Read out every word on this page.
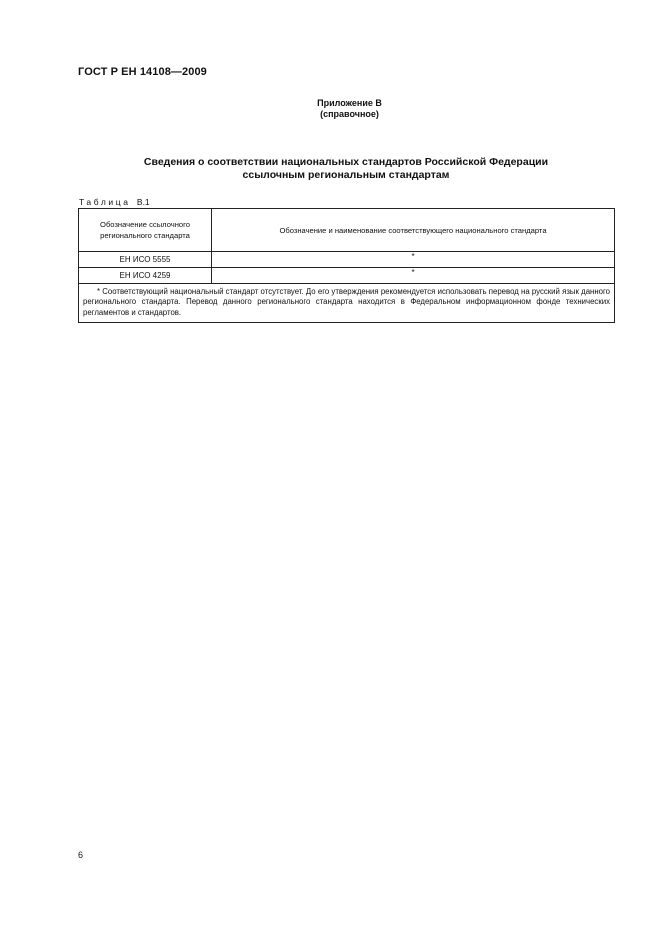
ГОСТ Р ЕН 14108—2009
Приложение В
(справочное)
Сведения о соответствии национальных стандартов Российской Федерации
ссылочным региональным стандартам
Таблица В.1
Обозначение ссылочного регионального стандарта	Обозначение и наименование соответствующего национального стандарта
ЕН ИСО 5555	*
ЕН ИСО 4259	*

* Соответствующий национальный стандарт отсутствует. До его утверждения рекомендуется использовать перевод на русский язык данного регионального стандарта. Перевод данного регионального стандарта находится в Федеральном информационном фонде технических регламентов и стандартов.	
6
